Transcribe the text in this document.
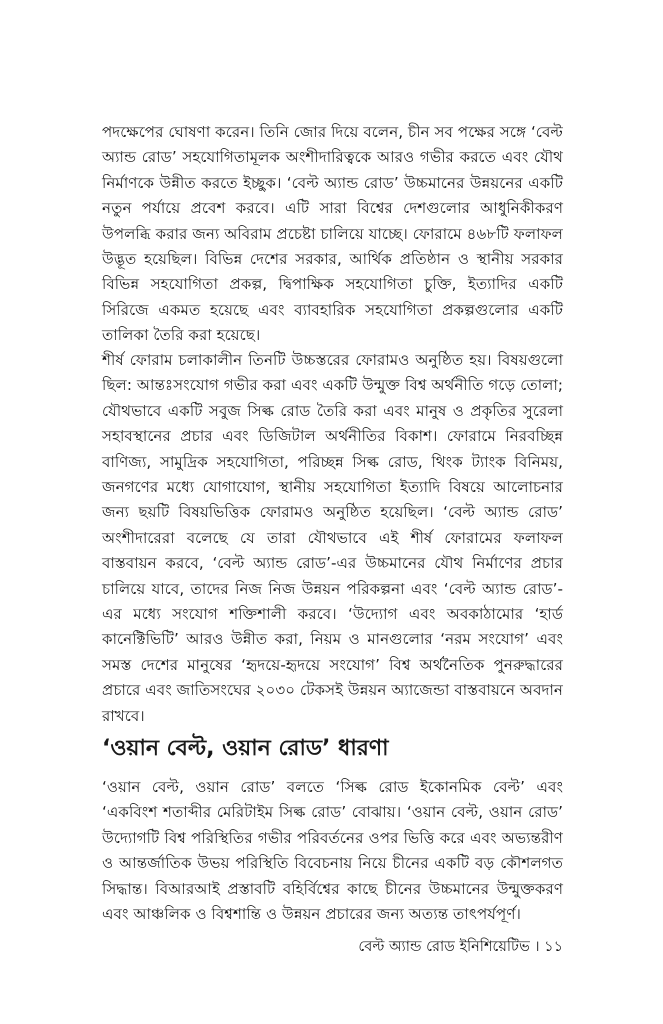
পদক্ষেপের ঘোষণা করেন। তিনি জোর দিয়ে বলেন, চীন সব পক্ষের সঙ্গে ‘বেল্ট অ্যান্ড রোড’ সহযোগিতামূলক অংশীদারিত্বকে আরও গভীর করতে এবং যৌথ নির্মাণকে উন্নীত করতে ইচ্ছুক। ‘বেল্ট অ্যান্ড রোড’ উচ্চমানের উন্নয়নের একটি নতুন পর্যায়ে প্রবেশ করবে। এটি সারা বিশ্বের দেশগুলোর আধুনিকীকরণ উপলব্ধি করার জন্য অবিরাম প্রচেষ্টা চালিয়ে যাচ্ছে। ফোরামে ৪৬৮টি ফলাফল উদ্ভূত হয়েছিল। বিভিন্ন দেশের সরকার, আর্থিক প্রতিষ্ঠান ও স্থানীয় সরকার বিভিন্ন সহযোগিতা প্রকল্প, দ্বিপাক্ষিক সহযোগিতা চুক্তি, ইত্যাদির একটি সিরিজে একমত হয়েছে এবং ব্যাবহারিক সহযোগিতা প্রকল্পগুলোর একটি তালিকা তৈরি করা হয়েছে।

শীর্ষ ফোরাম চলাকালীন তিনটি উচ্চস্তরের ফোরামও অনুষ্ঠিত হয়। বিষয়গুলো ছিল: আন্তঃসংযোগ গভীর করা এবং একটি উন্মুক্ত বিশ্ব অর্থনীতি গড়ে তোলা; যৌথভাবে একটি সবুজ সিল্ক রোড তৈরি করা এবং মানুষ ও প্রকৃতির সুরেলা সহাবস্থানের প্রচার এবং ডিজিটাল অর্থনীতির বিকাশ। ফোরামে নিরবচ্ছিন্ন বাণিজ্য, সামুদ্রিক সহযোগিতা, পরিচ্ছন্ন সিল্ক রোড, থিংক ট্যাংক বিনিময়, জনগণের মধ্যে যোগাযোগ, স্থানীয় সহযোগিতা ইত্যাদি বিষয়ে আলোচনার জন্য ছয়টি বিষয়ভিত্তিক ফোরামও অনুষ্ঠিত হয়েছিল। ‘বেল্ট অ্যান্ড রোড’ অংশীদারেরা বলেছে যে তারা যৌথভাবে এই শীর্ষ ফোরামের ফলাফল বাস্তবায়ন করবে, ‘বেল্ট অ্যান্ড রোড’-এর উচ্চমানের যৌথ নির্মাণের প্রচার চালিয়ে যাবে, তাদের নিজ নিজ উন্নয়ন পরিকল্পনা এবং ‘বেল্ট অ্যান্ড রোড’-এর মধ্যে সংযোগ শক্তিশালী করবে। ‘উদ্যোগ এবং অবকাঠামোর ‘হার্ড কানেক্টিভিটি’ আরও উন্নীত করা, নিয়ম ও মানগুলোর ‘নরম সংযোগ’ এবং সমস্ত দেশের মানুষের ‘হৃদয়ে-হৃদয়ে সংযোগ’ বিশ্ব অর্থনৈতিক পুনরুদ্ধারের প্রচারে এবং জাতিসংঘের ২০৩০ টেকসই উন্নয়ন অ্যাজেন্ডা বাস্তবায়নে অবদান রাখবে।

‘ওয়ান বেল্ট, ওয়ান রোড’ ধারণা

‘ওয়ান বেল্ট, ওয়ান রোড’ বলতে ‘সিল্ক রোড ইকোনমিক বেল্ট’ এবং ‘একবিংশ শতাব্দীর মেরিটাইম সিল্ক রোড’ বোঝায়। ‘ওয়ান বেল্ট, ওয়ান রোড’ উদ্যোগটি বিশ্ব পরিস্থিতির গভীর পরিবর্তনের ওপর ভিত্তি করে এবং অভ্যন্তরীণ ও আন্তর্জাতিক উভয় পরিস্থিতি বিবেচনায় নিয়ে চীনের একটি বড় কৌশলগত সিদ্ধান্ত। বিআরআই প্রস্তাবটি বহির্বিশ্বের কাছে চীনের উচ্চমানের উন্মুক্তকরণ এবং আঞ্চলিক ও বিশ্বশান্তি ও উন্নয়ন প্রচারের জন্য অত্যন্ত তাৎপর্যপূর্ণ।

বেল্ট অ্যান্ড রোড ইনিশিয়েটিভ । ১১
